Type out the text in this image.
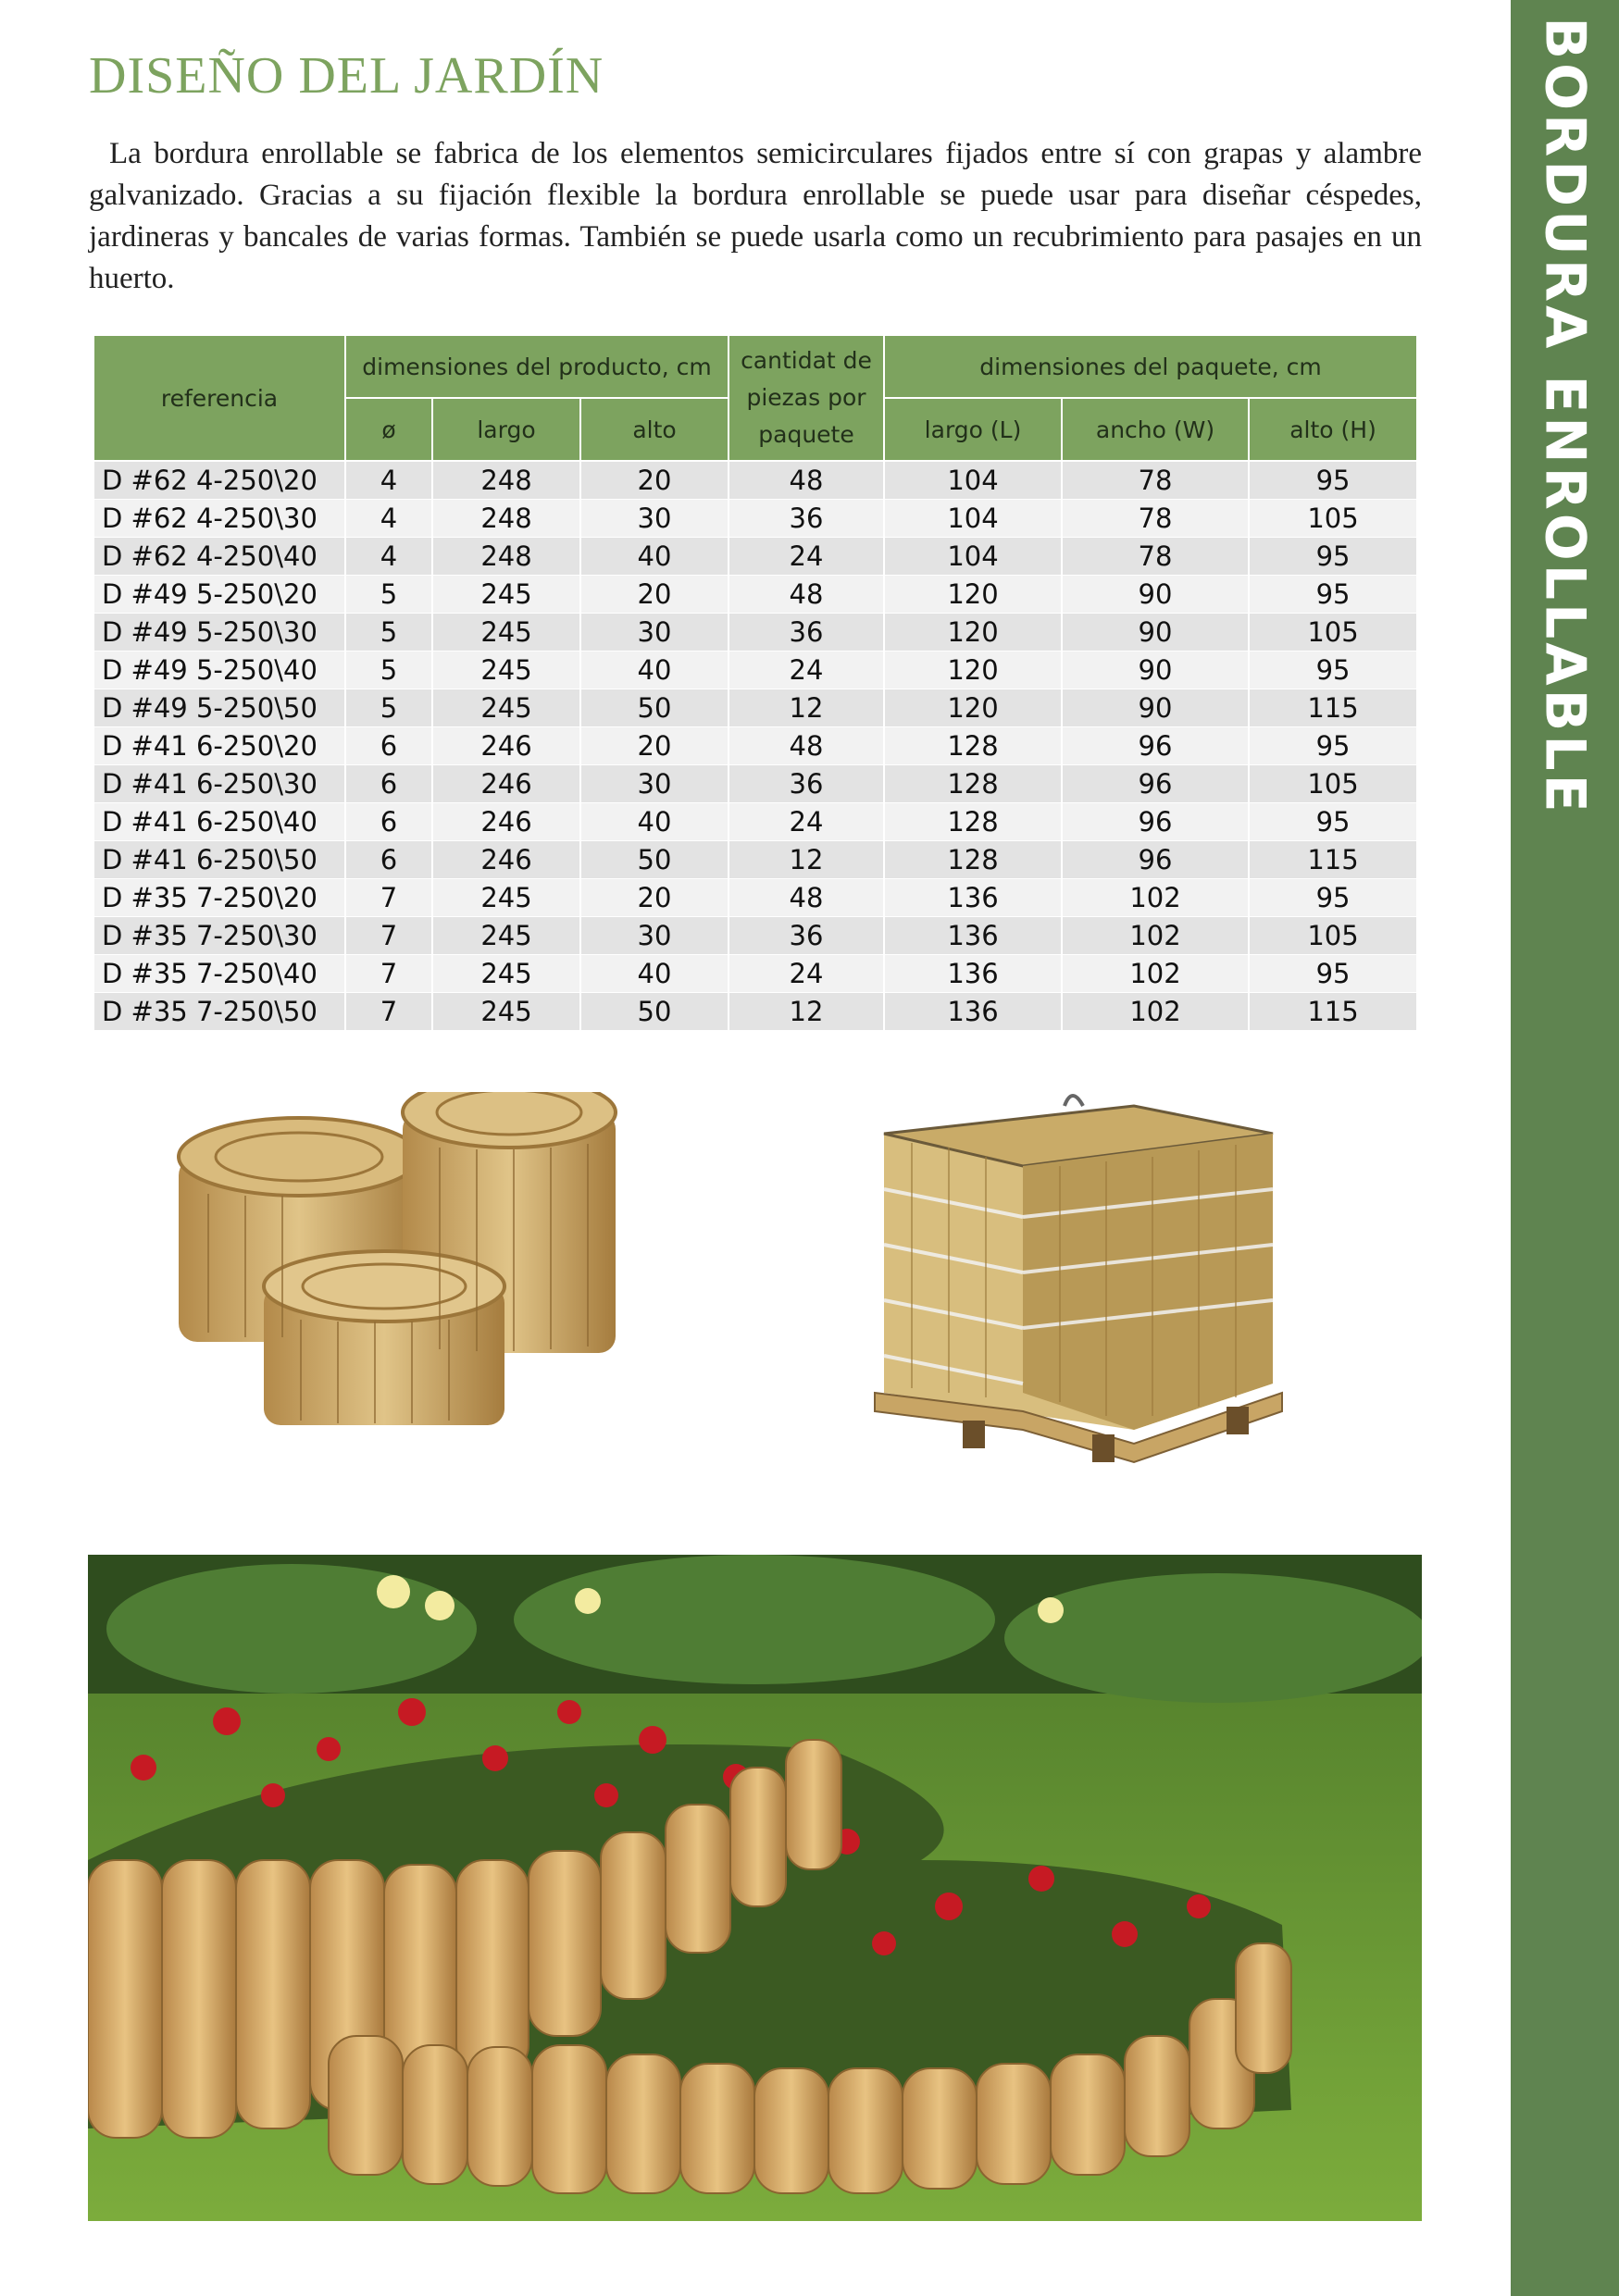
BORDURA ENROLLABLE
DISEÑO DEL JARDÍN

La bordura enrollable se fabrica de los elementos semicirculares fijados entre sí con grapas y alambre galvanizado. Gracias a su fijación flexible la bordura enrollable se puede usar para diseñar céspedes, jardineras y bancales de varias formas. También se puede usarla como un recubrimiento para pasajes en un huerto.

referencia	dimensiones del producto, cm			cantidat de piezas por paquete	dimensiones del paquete, cm		
	ø	largo	alto		largo (L)	ancho (W)	alto (H)
D #62 4-250\20	4	248	20	48	104	78	95
D #62 4-250\30	4	248	30	36	104	78	105
D #62 4-250\40	4	248	40	24	104	78	95
D #49 5-250\20	5	245	20	48	120	90	95
D #49 5-250\30	5	245	30	36	120	90	105
D #49 5-250\40	5	245	40	24	120	90	95
D #49 5-250\50	5	245	50	12	120	90	115
D #41 6-250\20	6	246	20	48	128	96	95
D #41 6-250\30	6	246	30	36	128	96	105
D #41 6-250\40	6	246	40	24	128	96	95
D #41 6-250\50	6	246	50	12	128	96	115
D #35 7-250\20	7	245	20	48	136	102	95
D #35 7-250\30	7	245	30	36	136	102	105
D #35 7-250\40	7	245	40	24	136	102	95
D #35 7-250\50	7	245	50	12	136	102	115
